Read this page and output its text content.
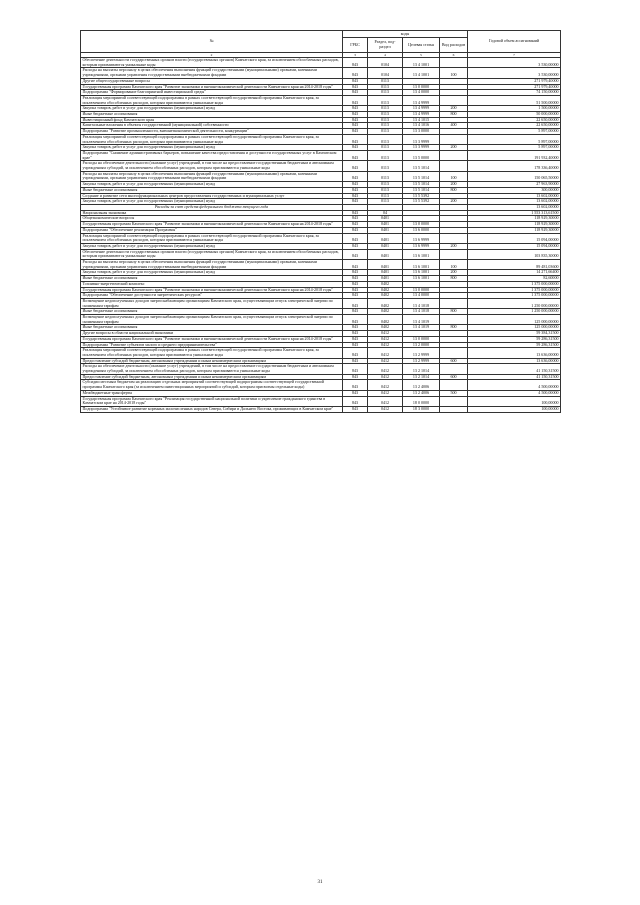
№	коды				Годовой объем ассигнований
	ГРБС	Раздел, под- раздел	Целевая статья	Вид расходов	
2	3	4	5	6	7
Обеспечение деятельности государственных органов власти (государственных органов) Камчатского края, за исключением обособленных расходов, которым присваиваются уникальные коды	843	0104	13 4 1001		3 530,00000
Расходы на выплаты персоналу в целях обеспечения выполнения функций государственными (муниципальными) органами, казенными учреждениями, органами управления государственными внебюджетными фондами	843	0104	13 4 1001	100	3 530,00000
Другие общегосударственные вопросы	843	0113			271 979,40000
Государственная программа Камчатского края "Развитие экономики и внешнеэкономической деятельности Камчатского края на 2014-2018 годы"	843	0113	13 0 0000		271 979,40000
Подпрограмма "Формирование благоприятной инвестиционной среды"	843	0113	13 4 0000		74 150,00000
Реализация мероприятий соответствующей подпрограммы в рамках соответствующей государственной программы Камчатского края, за исключением обособленных расходов, которым присваиваются уникальные коды	843	0113	13 4 9999		51 500,00000
Закупка товаров, работ и услуг для государственных (муниципальных) нужд	843	0113	13 4 9999	200	1 500,00000
Иные бюджетные ассигнования	843	0113	13 4 9999	800	50 000,00000
Инвестиционный фонд Камчатского края	843	0113	13 4 1015		22 650,00000
Капитальные вложения в объекты государственной (муниципальной) собственности	843	0113	13 4 1016	400	22 650,00000
Подпрограмма "Развитие промышленности, внешнеэкономической деятельности, конкуренции"	843	0113	13 3 0000		5 897,00000
Реализация мероприятий соответствующей подпрограммы в рамках соответствующей государственной программы Камчатского края, за исключением обособленных расходов, которым присваиваются уникальные коды	843	0113	13 3 9999		5 897,00000
Закупка товаров, работ и услуг для государственных (муниципальных) нужд	843	0113	13 3 9999	200	5 897,00000
Подпрограмма "Снижение административных барьеров, повышение качества предоставления и доступности государственных услуг в Камчатском крае"	843	0113	13 5 0000		191 932,40000
Расходы на обеспечение деятельности (оказание услуг) учреждений, в том числе на предоставление государственным бюджетным и автономным учреждениям субсидий, за исключением обособленных расходов, которым присваиваются уникальные коды	843	0113	13 5 1014		178 336,40000
Расходы на выплаты персоналу в целях обеспечения выполнения функций государственными (муниципальными) органами, казенными учреждениями, органами управления государственными внебюджетными фондами	843	0113	13 5 1014	100	150 065,50000
Закупка товаров, работ и услуг для государственных (муниципальных) нужд	843	0113	13 5 1014	200	27 963,90000
Иные бюджетные ассигнования	843	0113	13 5 1014	800	300,00000
Создание и развитие сети многофункциональных центров предоставления государственных и муниципальных услуг	843	0113	13 5 5392		13 602,00000
Закупка товаров, работ и услуг для государственных (муниципальных) нужд	843	0113	13 5 5392	200	13 602,00000
Расходы за счет средств федерального бюджета текущего года					13 602,00000
Национальная экономика	843	04			1 553 313,61500
Общеэкономические вопросы	843	0401			118 929,30000
Государственная программа Камчатского края "Развитие экономики и внешнеэкономической деятельности Камчатского края на 2014-2018 годы"	843	0401	13 0 0000		118 929,30000
Подпрограмма "Обеспечение реализации Программы"	843	0401	13 6 0000		118 929,30000
Реализация мероприятий соответствующей подпрограммы в рамках соответствующей государственной программы Камчатского края, за исключением обособленных расходов, которым присваиваются уникальные коды	843	0401	13 6 9999		15 094,00000
Закупка товаров, работ и услуг для государственных (муниципальных) нужд	843	0401	13 6 9999	200	15 094,00000
Обеспечение деятельности государственных органов власти (государственных органов) Камчатского края, за исключением обособленных расходов, которым присваиваются уникальные коды	843	0401	13 6 1001		103 835,30000
Расходы на выплаты персоналу в целях обеспечения выполнения функций государственными (муниципальными) органами, казенными учреждениями, органами управления государственными внебюджетными фондами	843	0401	13 6 1001	100	89 481,03600
Закупка товаров, работ и услуг для государственных (муниципальных) нужд	843	0401	13 6 1001	200	14 271,66400
Иные бюджетные ассигнования	843	0401	13 6 1001	800	82,60000
Топливно-энергетический комплекс	843	0402			1 375 000,00000
Государственная программа Камчатского края "Развитие экономики и внешнеэкономической деятельности Камчатского края на 2014-2018 годы"	843	0402	13 0 0000		1 375 000,00000
Подпрограмма "Обеспечение доступности энергетических ресурсов"	843	0402	13 4 0000		1 375 000,00000
Возмещение недополученных доходов энергоснабжающим организациям Камчатского края, осуществляющим отпуск электрической энергии по сниженным тарифам	843	0402	13 4 1018		1 250 000,00000
Иные бюджетные ассигнования	843	0402	13 4 1018	800	1 250 000,00000
Возмещение недополученных доходов энергоснабжающим организациям Камчатского края, осуществляющим отпуск электрической энергии по сниженным тарифам	843	0402	13 4 1019		125 000,00000
Иные бюджетные ассигнования	843	0402	13 4 1019	800	125 000,00000
Другие вопросы в области национальной экономики	843	0412			59 384,31500
Государственная программа Камчатского края "Развитие экономики и внешнеэкономической деятельности Камчатского края на 2014-2018 годы"	843	0412	13 0 0000		59 286,31500
Подпрограмма "Развитие субъектов малого и среднего предпринимательства"	843	0412	13 2 0000		59 286,31500
Реализация мероприятий соответствующей подпрограммы в рамках соответствующей государственной программы Камчатского края, за исключением обособленных расходов, которым присваиваются уникальные коды	843	0412	13 2 9999		13 636,00000
Предоставление субсидий бюджетным, автономным учреждениям и иным некоммерческим организациям	843	0412	13 2 9999	600	13 636,00000
Расходы на обеспечение деятельности (оказание услуг) учреждений, в том числе на предоставление государственным бюджетным и автономным учреждениям субсидий, за исключением обособленных расходов, которым присваиваются уникальные коды	843	0412	13 2 1014		41 150,31500
Предоставление субсидий бюджетным, автономным учреждениям и иным некоммерческим организациям	843	0412	13 2 1014	600	41 150,31500
Субсидии местным бюджетам на реализацию отдельных мероприятий соответствующей подпрограммы соответствующей государственной программы Камчатского края (за исключением инвестиционных мероприятий и субсидий, которым присвоены отдельные коды)	843	0412	13 2 4006		4 500,00000
Межбюджетные трансферты	843	0412	13 2 4006	500	4 500,00000
Государственная программа Камчатского края "Реализация государственной национальной политики и укрепление гражданского единства в Камчатском крае на 2014-2018 годы"	843	0412	18 0 0000		100,00000
Подпрограмма "Устойчивое развитие коренных малочисленных народов Севера, Сибири и Дальнего Востока, проживающих в Камчатском крае"	843	0412	18 3 0000		100,00000
31
